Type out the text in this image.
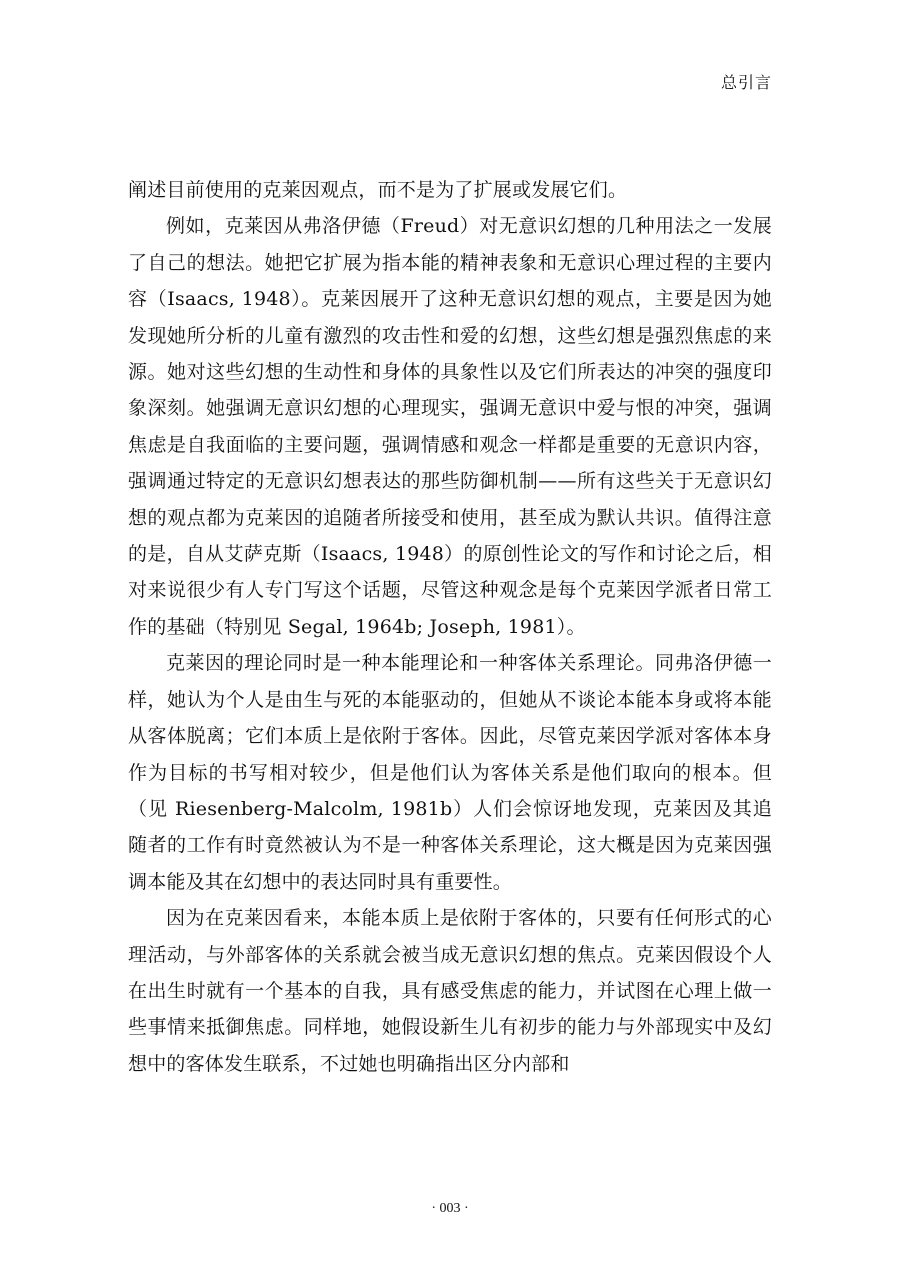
总引言

阐述目前使用的克莱因观点，而不是为了扩展或发展它们。

例如，克莱因从弗洛伊德（Freud）对无意识幻想的几种用法之一发展了自己的想法。她把它扩展为指本能的精神表象和无意识心理过程的主要内容（Isaacs, 1948）。克莱因展开了这种无意识幻想的观点，主要是因为她发现她所分析的儿童有激烈的攻击性和爱的幻想，这些幻想是强烈焦虑的来源。她对这些幻想的生动性和身体的具象性以及它们所表达的冲突的强度印象深刻。她强调无意识幻想的心理现实，强调无意识中爱与恨的冲突，强调焦虑是自我面临的主要问题，强调情感和观念一样都是重要的无意识内容，强调通过特定的无意识幻想表达的那些防御机制——所有这些关于无意识幻想的观点都为克莱因的追随者所接受和使用，甚至成为默认共识。值得注意的是，自从艾萨克斯（Isaacs, 1948）的原创性论文的写作和讨论之后，相对来说很少有人专门写这个话题，尽管这种观念是每个克莱因学派者日常工作的基础（特别见 Segal, 1964b; Joseph, 1981）。

克莱因的理论同时是一种本能理论和一种客体关系理论。同弗洛伊德一样，她认为个人是由生与死的本能驱动的，但她从不谈论本能本身或将本能从客体脱离；它们本质上是依附于客体。因此，尽管克莱因学派对客体本身作为目标的书写相对较少，但是他们认为客体关系是他们取向的根本。但（见 Riesenberg-Malcolm, 1981b）人们会惊讶地发现，克莱因及其追随者的工作有时竟然被认为不是一种客体关系理论，这大概是因为克莱因强调本能及其在幻想中的表达同时具有重要性。

因为在克莱因看来，本能本质上是依附于客体的，只要有任何形式的心理活动，与外部客体的关系就会被当成无意识幻想的焦点。克莱因假设个人在出生时就有一个基本的自我，具有感受焦虑的能力，并试图在心理上做一些事情来抵御焦虑。同样地，她假设新生儿有初步的能力与外部现实中及幻想中的客体发生联系，不过她也明确指出区分内部和

· 003 ·
